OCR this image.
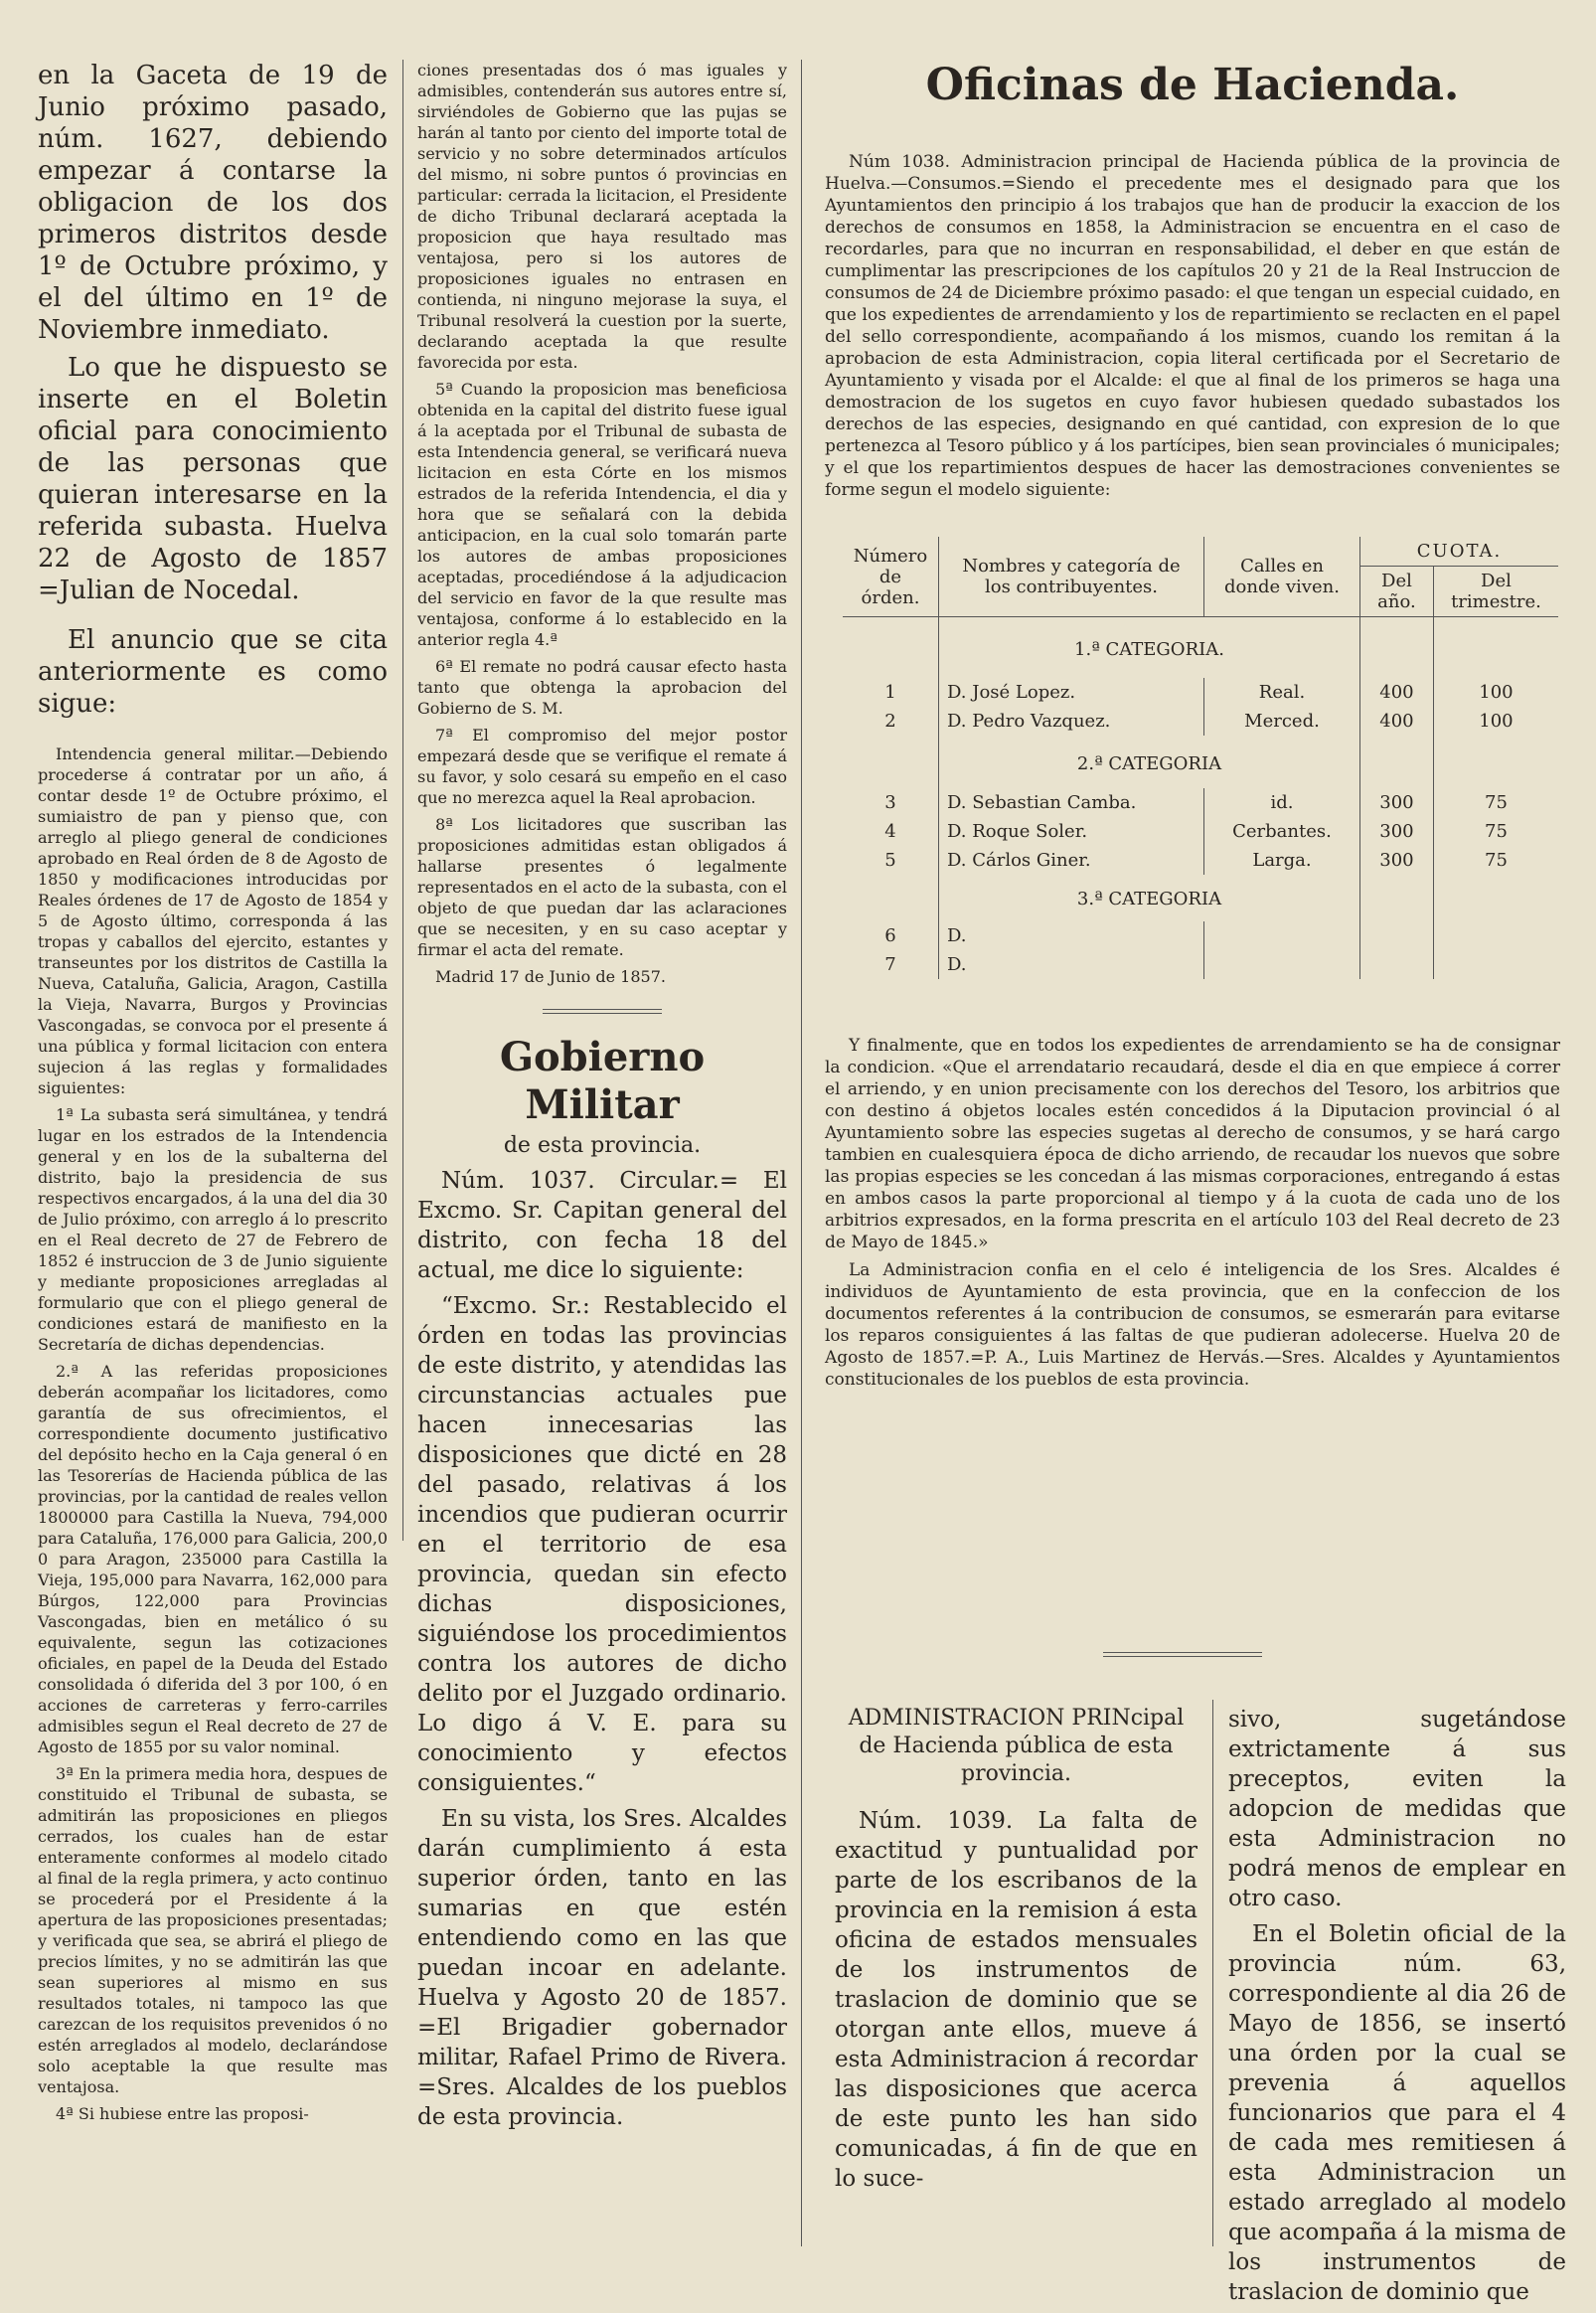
en la Gaceta de 19 de Junio próximo pasado, núm. 1627, debiendo empezar á contarse la obligacion de los dos primeros distritos desde 1º de Octubre próximo, y el del último en 1º de Noviembre inmediato.

Lo que he dispuesto se inserte en el Boletin oficial para conocimiento de las personas que quieran interesarse en la referida subasta. Huelva 22 de Agosto de 1857 =Julian de Nocedal.

El anuncio que se cita anteriormente es como sigue:

Intendencia general militar.—Debiendo procederse á contratar por un año, á contar desde 1º de Octubre próximo, el sumiaistro de pan y pienso que, con arreglo al pliego general de condiciones aprobado en Real órden de 8 de Agosto de 1850 y modificaciones introducidas por Reales órdenes de 17 de Agosto de 1854 y 5 de Agosto último, corresponda á las tropas y caballos del ejercito, estantes y transeuntes por los distritos de Castilla la Nueva, Cataluña, Galicia, Aragon, Castilla la Vieja, Navarra, Burgos y Provincias Vascongadas, se convoca por el presente á una pública y formal licitacion con entera sujecion á las reglas y formalidades siguientes:

1ª La subasta será simultánea, y tendrá lugar en los estrados de la Intendencia general y en los de la subalterna del distrito, bajo la presidencia de sus respectivos encargados, á la una del dia 30 de Julio próximo, con arreglo á lo prescrito en el Real decreto de 27 de Febrero de 1852 é instruccion de 3 de Junio siguiente y mediante proposiciones arregladas al formulario que con el pliego general de condiciones estará de manifiesto en la Secretaría de dichas dependencias.

2.ª A las referidas proposiciones deberán acompañar los licitadores, como garantía de sus ofrecimientos, el correspondiente documento justificativo del depósito hecho en la Caja general ó en las Tesorerías de Hacienda pública de las provincias, por la cantidad de reales vellon 1800000 para Castilla la Nueva, 794,000 para Cataluña, 176,000 para Galicia, 200,0 0 para Aragon, 235000 para Castilla la Vieja, 195,000 para Navarra, 162,000 para Búrgos, 122,000 para Provincias Vascongadas, bien en metálico ó su equivalente, segun las cotizaciones oficiales, en papel de la Deuda del Estado consolidada ó diferida del 3 por 100, ó en acciones de carreteras y ferro-carriles admisibles segun el Real decreto de 27 de Agosto de 1855 por su valor nominal.

3ª En la primera media hora, despues de constituido el Tribunal de subasta, se admitirán las proposiciones en pliegos cerrados, los cuales han de estar enteramente conformes al modelo citado al final de la regla primera, y acto continuo se procederá por el Presidente á la apertura de las proposiciones presentadas; y verificada que sea, se abrirá el pliego de precios límites, y no se admitirán las que sean superiores al mismo en sus resultados totales, ni tampoco las que carezcan de los requisitos prevenidos ó no estén arreglados al modelo, declarándose solo aceptable la que resulte mas ventajosa.

4ª Si hubiese entre las proposi-

ciones presentadas dos ó mas iguales y admisibles, contenderán sus autores entre sí, sirviéndoles de Gobierno que las pujas se harán al tanto por ciento del importe total de servicio y no sobre determinados artículos del mismo, ni sobre puntos ó provincias en particular: cerrada la licitacion, el Presidente de dicho Tribunal declarará aceptada la proposicion que haya resultado mas ventajosa, pero si los autores de proposiciones iguales no entrasen en contienda, ni ninguno mejorase la suya, el Tribunal resolverá la cuestion por la suerte, declarando aceptada la que resulte favorecida por esta.

5ª Cuando la proposicion mas beneficiosa obtenida en la capital del distrito fuese igual á la aceptada por el Tribunal de subasta de esta Intendencia general, se verificará nueva licitacion en esta Córte en los mismos estrados de la referida Intendencia, el dia y hora que se señalará con la debida anticipacion, en la cual solo tomarán parte los autores de ambas proposiciones aceptadas, procediéndose á la adjudicacion del servicio en favor de la que resulte mas ventajosa, conforme á lo establecido en la anterior regla 4.ª

6ª El remate no podrá causar efecto hasta tanto que obtenga la aprobacion del Gobierno de S. M.

7ª El compromiso del mejor postor empezará desde que se verifique el remate á su favor, y solo cesará su empeño en el caso que no merezca aquel la Real aprobacion.

8ª Los licitadores que suscriban las proposiciones admitidas estan obligados á hallarse presentes ó legalmente representados en el acto de la subasta, con el objeto de que puedan dar las aclaraciones que se necesiten, y en su caso aceptar y firmar el acta del remate.

Madrid 17 de Junio de 1857.

Gobierno Militar
de esta provincia.

Núm. 1037. Circular.= El Excmo. Sr. Capitan general del distrito, con fecha 18 del actual, me dice lo siguiente:

“Excmo. Sr.: Restablecido el órden en todas las provincias de este distrito, y atendidas las circunstancias actuales pue hacen innecesarias las disposiciones que dicté en 28 del pasado, relativas á los incendios que pudieran ocurrir en el territorio de esa provincia, quedan sin efecto dichas disposiciones, siguiéndose los procedimientos contra los autores de dicho delito por el Juzgado ordinario. Lo digo á V. E. para su conocimiento y efectos consiguientes.“

En su vista, los Sres. Alcaldes darán cumplimiento á esta superior órden, tanto en las sumarias en que estén entendiendo como en las que puedan incoar en adelante. Huelva y Agosto 20 de 1857. =El Brigadier gobernador militar, Rafael Primo de Rivera. =Sres. Alcaldes de los pueblos de esta provincia.

Oficinas de Hacienda.

Núm 1038. Administracion principal de Hacienda pública de la provincia de Huelva.—Consumos.=Siendo el precedente mes el designado para que los Ayuntamientos den principio á los trabajos que han de producir la exaccion de los derechos de consumos en 1858, la Administracion se encuentra en el caso de recordarles, para que no incurran en responsabilidad, el deber en que están de cumplimentar las prescripciones de los capítulos 20 y 21 de la Real Instruccion de consumos de 24 de Diciembre próximo pasado: el que tengan un especial cuidado, en que los expedientes de arrendamiento y los de repartimiento se reclacten en el papel del sello correspondiente, acompañando á los mismos, cuando los remitan á la aprobacion de esta Administracion, copia literal certificada por el Secretario de Ayuntamiento y visada por el Alcalde: el que al final de los primeros se haga una demostracion de los sugetos en cuyo favor hubiesen quedado subastados los derechos de las especies, designando en qué cantidad, con expresion de lo que pertenezca al Tesoro público y á los partícipes, bien sean provinciales ó municipales; y el que los repartimientos despues de hacer las demostraciones convenientes se forme segun el modelo siguiente:

Número de órden.	Nombres y categoría de los contribuyentes.	Calles en donde viven.	CUOTA.	
			Del año.	Del trimestre.
	1.ª CATEGORIA.			
1	D. José Lopez.	Real.	400	100
2	D. Pedro Vazquez.	Merced.	400	100
	2.ª CATEGORIA			
3	D. Sebastian Camba.	id.	300	75
4	D. Roque Soler.	Cerbantes.	300	75
5	D. Cárlos Giner.	Larga.	300	75
	3.ª CATEGORIA			
6	D.			
7	D.			

Y finalmente, que en todos los expedientes de arrendamiento se ha de consignar la condicion. «Que el arrendatario recaudará, desde el dia en que empiece á correr el arriendo, y en union precisamente con los derechos del Tesoro, los arbitrios que con destino á objetos locales estén concedidos á la Diputacion provincial ó al Ayuntamiento sobre las especies sugetas al derecho de consumos, y se hará cargo tambien en cualesquiera época de dicho arriendo, de recaudar los nuevos que sobre las propias especies se les concedan á las mismas corporaciones, entregando á estas en ambos casos la parte proporcional al tiempo y á la cuota de cada uno de los arbitrios expresados, en la forma prescrita en el artículo 103 del Real decreto de 23 de Mayo de 1845.»

La Administracion confia en el celo é inteligencia de los Sres. Alcaldes é individuos de Ayuntamiento de esta provincia, que en la confeccion de los documentos referentes á la contribucion de consumos, se esmerarán para evitarse los reparos consiguientes á las faltas de que pudieran adolecerse. Huelva 20 de Agosto de 1857.=P. A., Luis Martinez de Hervás.—Sres. Alcaldes y Ayuntamientos constitucionales de los pueblos de esta provincia.

ADMINISTRACION PRINcipal de Hacienda pública de esta provincia.

Núm. 1039. La falta de exactitud y puntualidad por parte de los escribanos de la provincia en la remision á esta oficina de estados mensuales de los instrumentos de traslacion de dominio que se otorgan ante ellos, mueve á esta Administracion á recordar las disposiciones que acerca de este punto les han sido comunicadas, á fin de que en lo suce-

sivo, sugetándose extrictamente á sus preceptos, eviten la adopcion de medidas que esta Administracion no podrá menos de emplear en otro caso.

En el Boletin oficial de la provincia núm. 63, correspondiente al dia 26 de Mayo de 1856, se insertó una órden por la cual se prevenia á aquellos funcionarios que para el 4 de cada mes remitiesen á esta Administracion un estado arreglado al modelo que acompaña á la misma de los instrumentos de traslacion de dominio que
